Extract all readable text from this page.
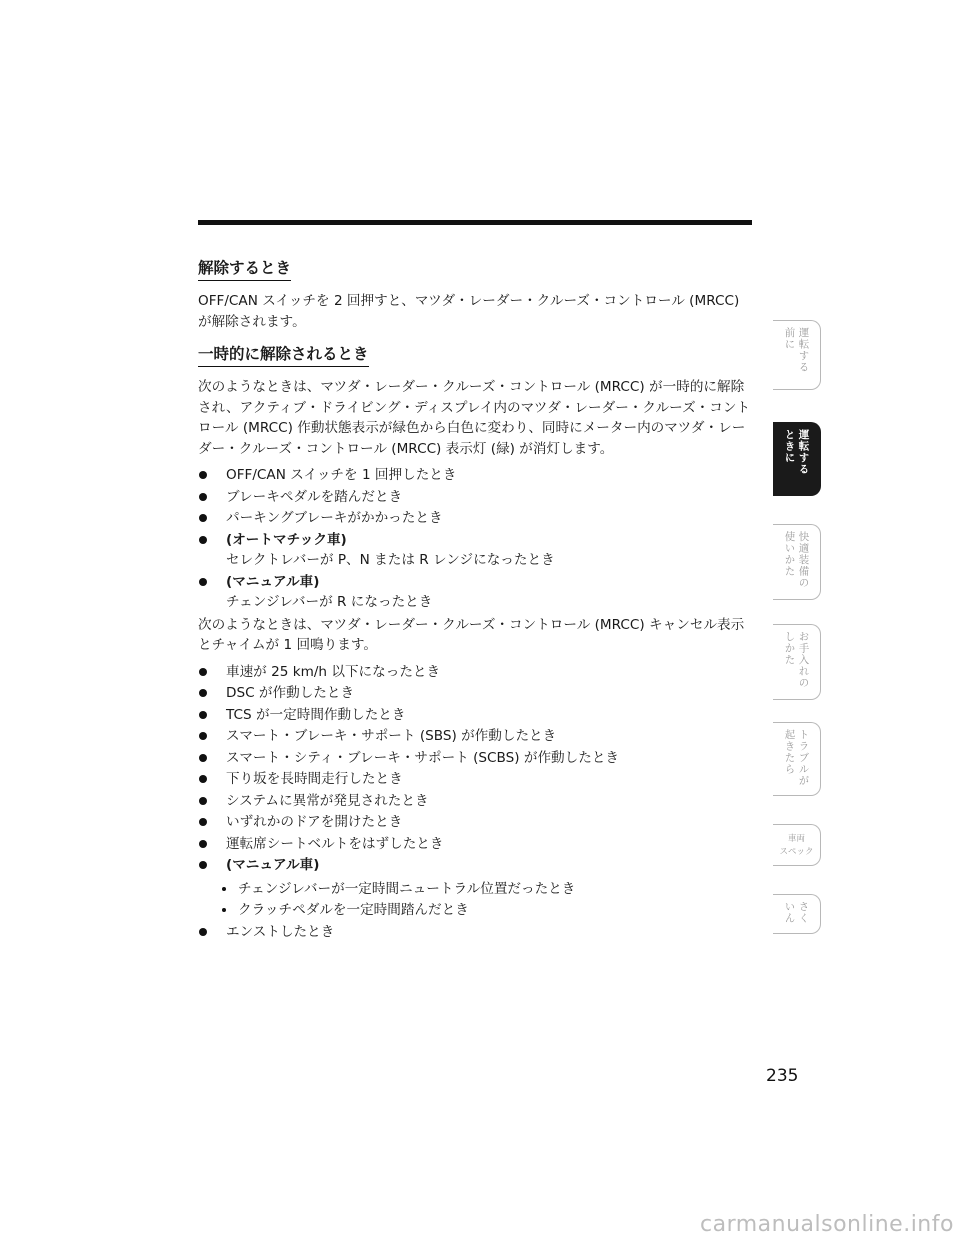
解除するとき

OFF/CAN スイッチを 2 回押すと、マツダ・レーダー・クルーズ・コントロール (MRCC) が解除されます。

一時的に解除されるとき

次のようなときは、マツダ・レーダー・クルーズ・コントロール (MRCC) が一時的に解除され、アクティブ・ドライビング・ディスプレイ内のマツダ・レーダー・クルーズ・コントロール (MRCC) 作動状態表示が緑色から白色に変わり、同時にメーター内のマツダ・レーダー・クルーズ・コントロール (MRCC) 表示灯 (緑) が消灯します。

OFF/CAN スイッチを 1 回押したとき
ブレーキペダルを踏んだとき
パーキングブレーキがかかったとき
(オートマチック車)
セレクトレバーが P、N または R レンジになったとき
(マニュアル車)
チェンジレバーが R になったとき

次のようなときは、マツダ・レーダー・クルーズ・コントロール (MRCC) キャンセル表示とチャイムが 1 回鳴ります。

車速が 25 km/h 以下になったとき
DSC が作動したとき
TCS が一定時間作動したとき
スマート・ブレーキ・サポート (SBS) が作動したとき
スマート・シティ・ブレーキ・サポート (SCBS) が作動したとき
下り坂を長時間走行したとき
システムに異常が発見されたとき
いずれかのドアを開けたとき
運転席シートベルトをはずしたとき
(マニュアル車)
チェンジレバーが一定時間ニュートラル位置だったとき
クラッチペダルを一定時間踏んだとき
エンストしたとき
運転する
前に
運転する
ときに
快適装備の
使いかた
お手入れの
しかた
トラブルが
起きたら
車両
スペック
さく
いん
235
carmanualsonline.info
